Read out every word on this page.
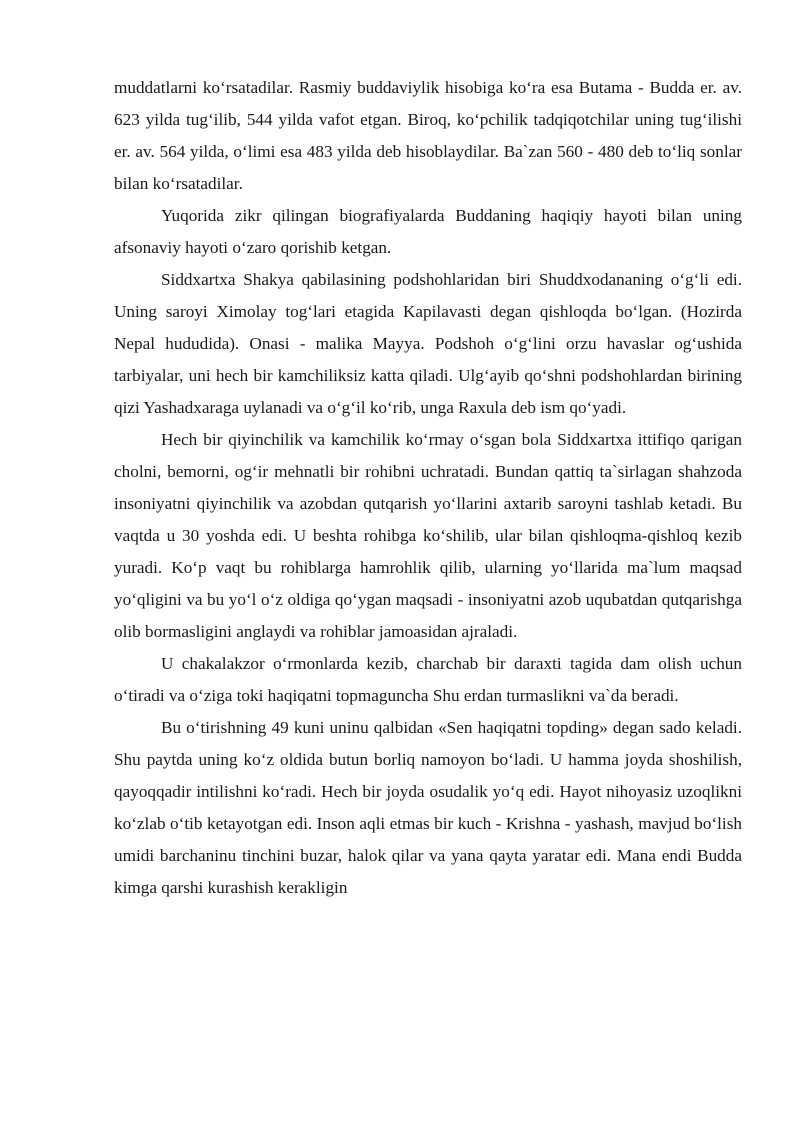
muddatlarni ko‘rsatadilar. Rasmiy buddaviylik hisobiga ko‘ra esa Butama - Budda er. av. 623 yilda tug‘ilib, 544 yilda vafot etgan. Biroq, ko‘pchilik tadqiqotchilar uning tug‘ilishi er. av. 564 yilda, o‘limi esa 483 yilda deb hisoblaydilar. Ba`zan 560 - 480 deb to‘liq sonlar bilan ko‘rsatadilar.

Yuqorida zikr qilingan biografiyalarda Buddaning haqiqiy hayoti bilan uning afsonaviy hayoti o‘zaro qorishib ketgan.

Siddxartxa Shakya qabilasining podshohlaridan biri Shuddxodananing o‘g‘li edi. Uning saroyi Ximolay tog‘lari etagida Kapilavasti degan qishloqda bo‘lgan. (Hozirda Nepal hududida). Onasi - malika Mayya. Podshoh o‘g‘lini orzu havaslar og‘ushida tarbiyalar, uni hech bir kamchiliksiz katta qiladi. Ulg‘ayib qo‘shni podshohlardan birining qizi Yashadxaraga uylanadi va o‘g‘il ko‘rib, unga Raxula deb ism qo‘yadi.

Hech bir qiyinchilik va kamchilik ko‘rmay o‘sgan bola Siddxartxa ittifiqo qarigan cholni, bemorni, og‘ir mehnatli bir rohibni uchratadi. Bundan qattiq ta`sirlagan shahzoda insoniyatni qiyinchilik va azobdan qutqarish yo‘llarini axtarib saroyni tashlab ketadi. Bu vaqtda u 30 yoshda edi. U beshta rohibga ko‘shilib, ular bilan qishloqma-qishloq kezib yuradi. Ko‘p vaqt bu rohiblarga hamrohlik qilib, ularning yo‘llarida ma`lum maqsad yo‘qligini va bu yo‘l o‘z oldiga qo‘ygan maqsadi - insoniyatni azob uqubatdan qutqarishga olib bormasligini anglaydi va rohiblar jamoasidan ajraladi.

U chakalakzor o‘rmonlarda kezib, charchab bir daraxti tagida dam olish uchun o‘tiradi va o‘ziga toki haqiqatni topmaguncha Shu erdan turmaslikni va`da beradi.

Bu o‘tirishning 49 kuni uninu qalbidan «Sen haqiqatni topding» degan sado keladi. Shu paytda uning ko‘z oldida butun borliq namoyon bo‘ladi. U hamma joyda shoshilish, qayoqqadir intilishni ko‘radi. Hech bir joyda osudalik yo‘q edi. Hayot nihoyasiz uzoqlikni ko‘zlab o‘tib ketayotgan edi. Inson aqli etmas bir kuch - Krishna - yashash, mavjud bo‘lish umidi barchaninu tinchini buzar, halok qilar va yana qayta yaratar edi. Mana endi Budda kimga qarshi kurashish kerakligin
